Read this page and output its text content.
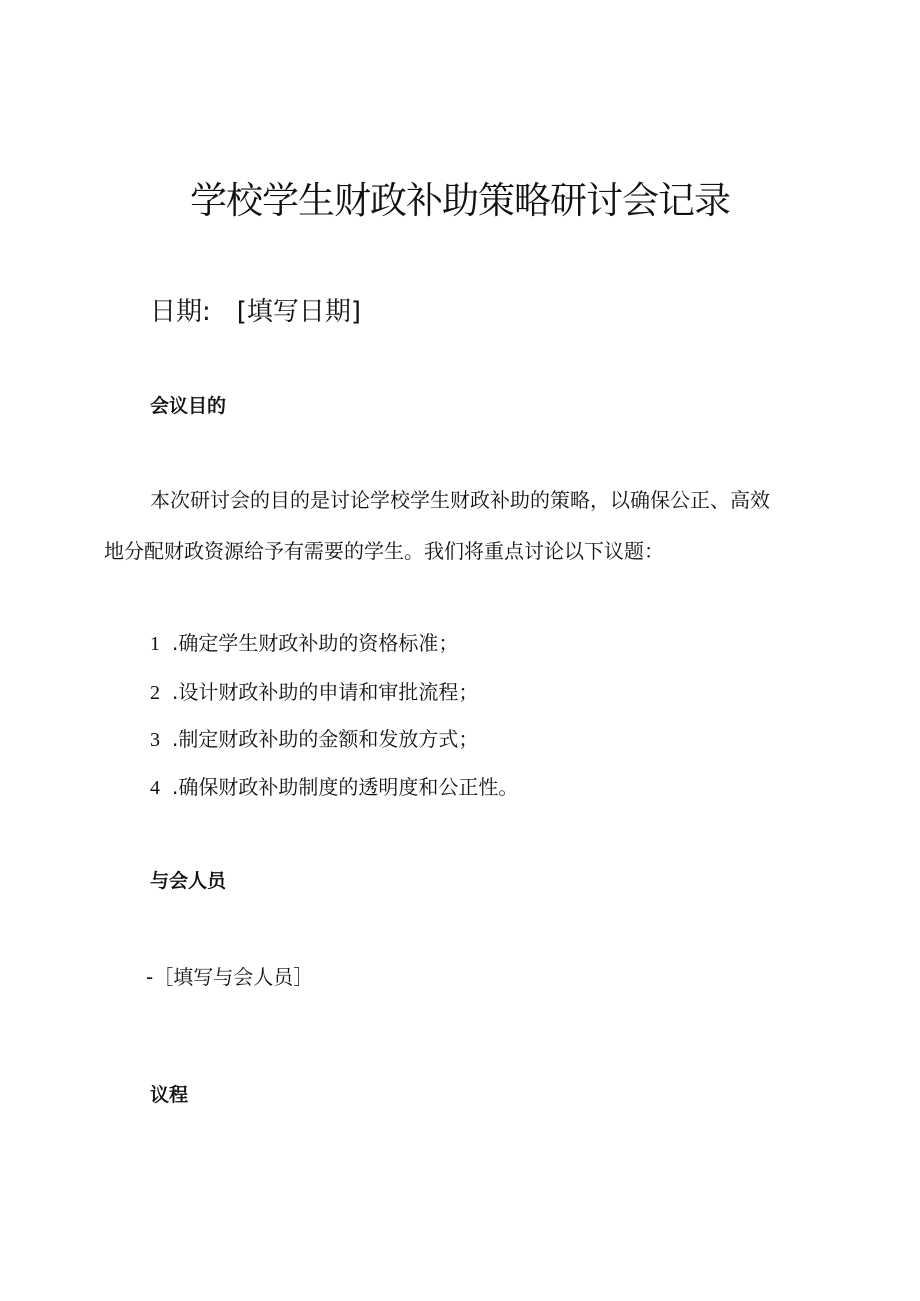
学校学生财政补助策略研讨会记录
日期: [填写日期]
会议目的
本次研讨会的目的是讨论学校学生财政补助的策略，以确保公正、高效
地分配财政资源给予有需要的学生。我们将重点讨论以下议题：
1 .确定学生财政补助的资格标准；
2 .设计财政补助的申请和审批流程；
3 .制定财政补助的金额和发放方式；
4 .确保财政补助制度的透明度和公正性。
与会人员
-［填写与会人员］
议程
